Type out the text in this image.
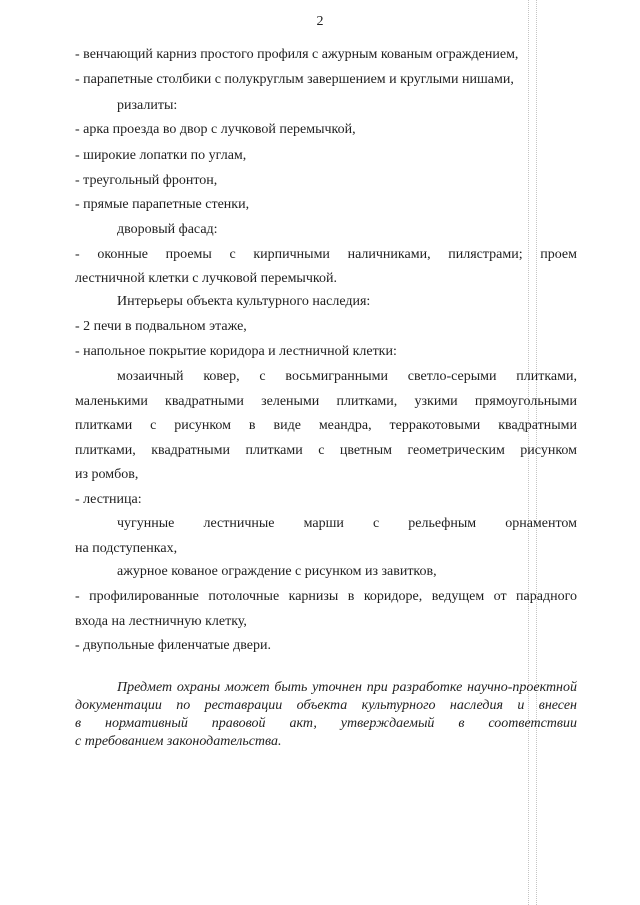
2
- венчающий карниз простого профиля с ажурным кованым ограждением,
- парапетные столбики с полукруглым завершением и круглыми нишами,
ризалиты:
- арка проезда во двор с лучковой перемычкой,
- широкие лопатки по углам,
- треугольный фронтон,
- прямые парапетные стенки,
дворовый фасад:
- оконные проемы с кирпичными наличниками, пилястрами; проем
лестничной клетки с лучковой перемычкой.
Интерьеры объекта культурного наследия:
- 2 печи в подвальном этаже,
- напольное покрытие коридора и лестничной клетки:
мозаичный ковер, с восьмигранными светло-серыми плитками,
маленькими квадратными зелеными плитками, узкими прямоугольными
плитками с рисунком в виде меандра, терракотовыми квадратными
плитками, квадратными плитками с цветным геометрическим рисунком
из ромбов,
- лестница:
чугунные лестничные марши с рельефным орнаментом
на подступенках,
ажурное кованое ограждение с рисунком из завитков,
- профилированные потолочные карнизы в коридоре, ведущем от парадного
входа на лестничную клетку,
- двупольные филенчатые двери.
Предмет охраны может быть уточнен при разработке научно-проектной
документации по реставрации объекта культурного наследия и внесен
в нормативный правовой акт, утверждаемый в соответствии
с требованием законодательства.
